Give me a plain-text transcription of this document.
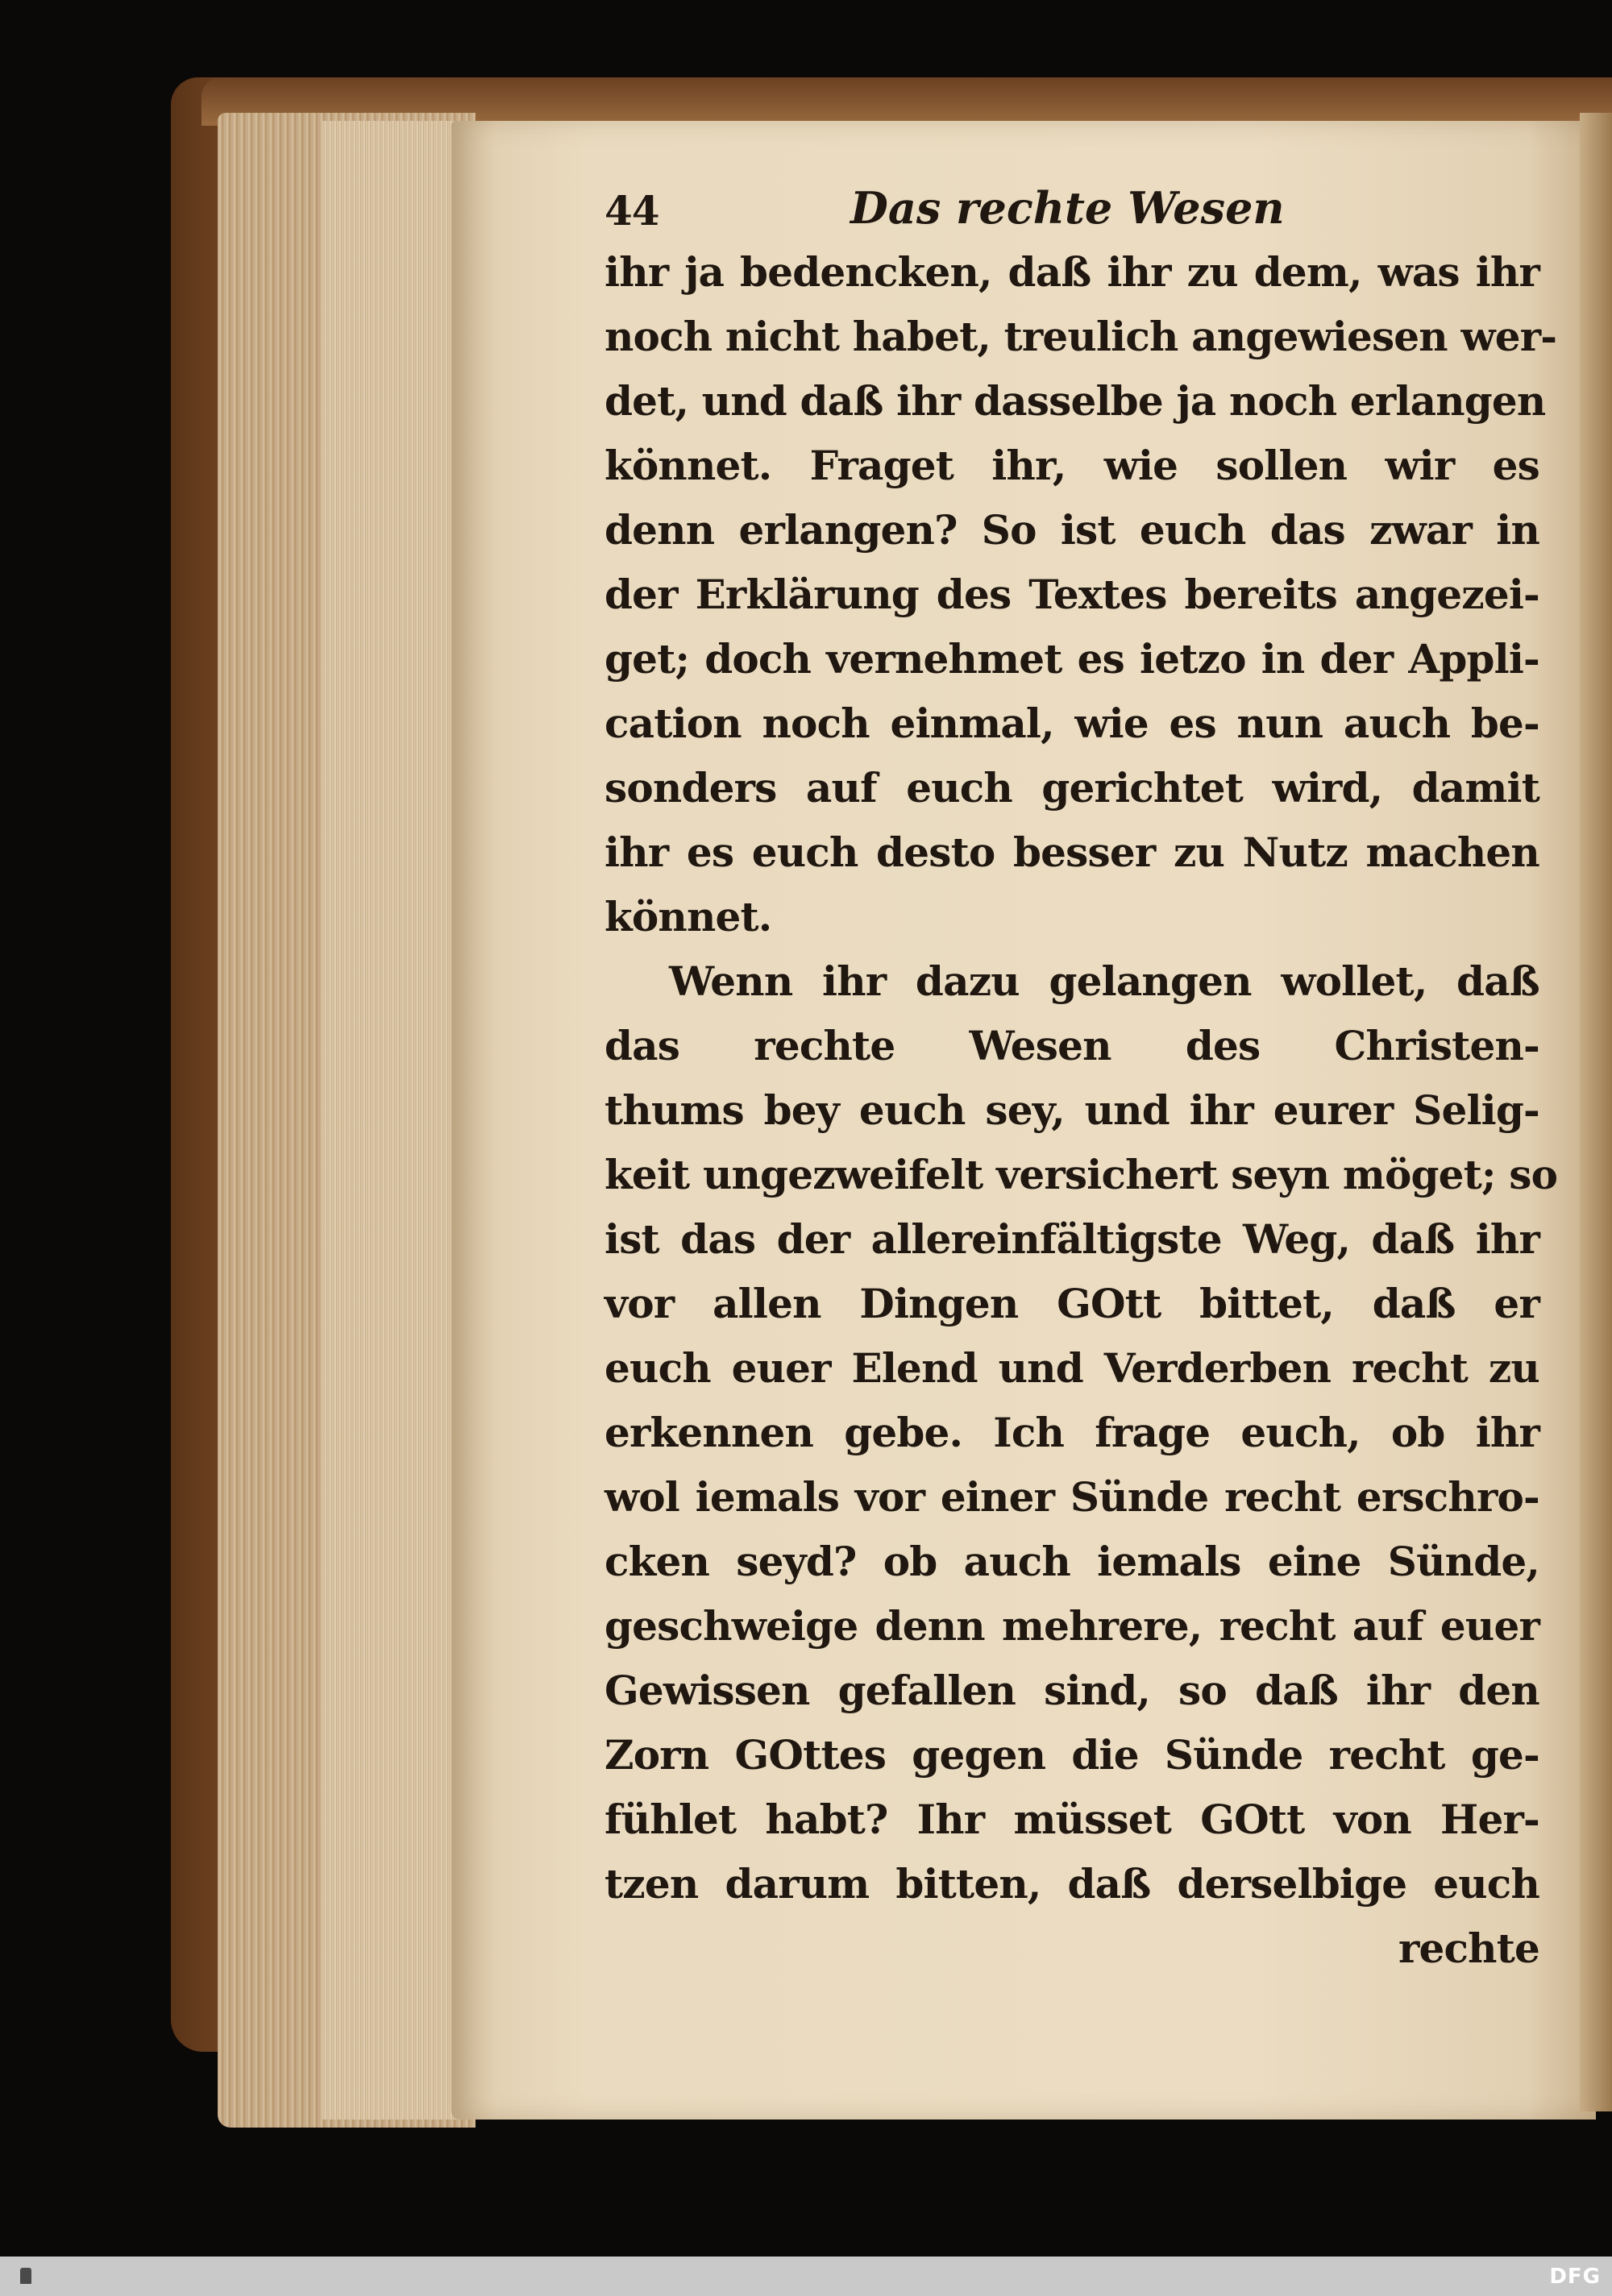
44	Das rechte Wesen
ihr ja bedencken, daß ihr zu dem, was ihr
noch nicht habet, treulich angewiesen wer-
det, und daß ihr dasselbe ja noch erlangen
könnet. Fraget ihr, wie sollen wir es
denn erlangen? So ist euch das zwar in
der Erklärung des Textes bereits angezei-
get; doch vernehmet es ietzo in der Appli-
cation noch einmal, wie es nun auch be-
sonders auf euch gerichtet wird, damit
ihr es euch desto besser zu Nutz machen
könnet.
Wenn ihr dazu gelangen wollet, daß
das rechte Wesen des Christen-
thums bey euch sey, und ihr eurer Selig-
keit ungezweifelt versichert seyn möget; so
ist das der allereinfältigste Weg, daß ihr
vor allen Dingen GOtt bittet, daß er
euch euer Elend und Verderben recht zu
erkennen gebe. Ich frage euch, ob ihr
wol iemals vor einer Sünde recht erschro-
cken seyd? ob auch iemals eine Sünde,
geschweige denn mehrere, recht auf euer
Gewissen gefallen sind, so daß ihr den
Zorn GOttes gegen die Sünde recht ge-
fühlet habt? Ihr müsset GOtt von Her-
tzen darum bitten, daß derselbige euch
rechte
DFG
